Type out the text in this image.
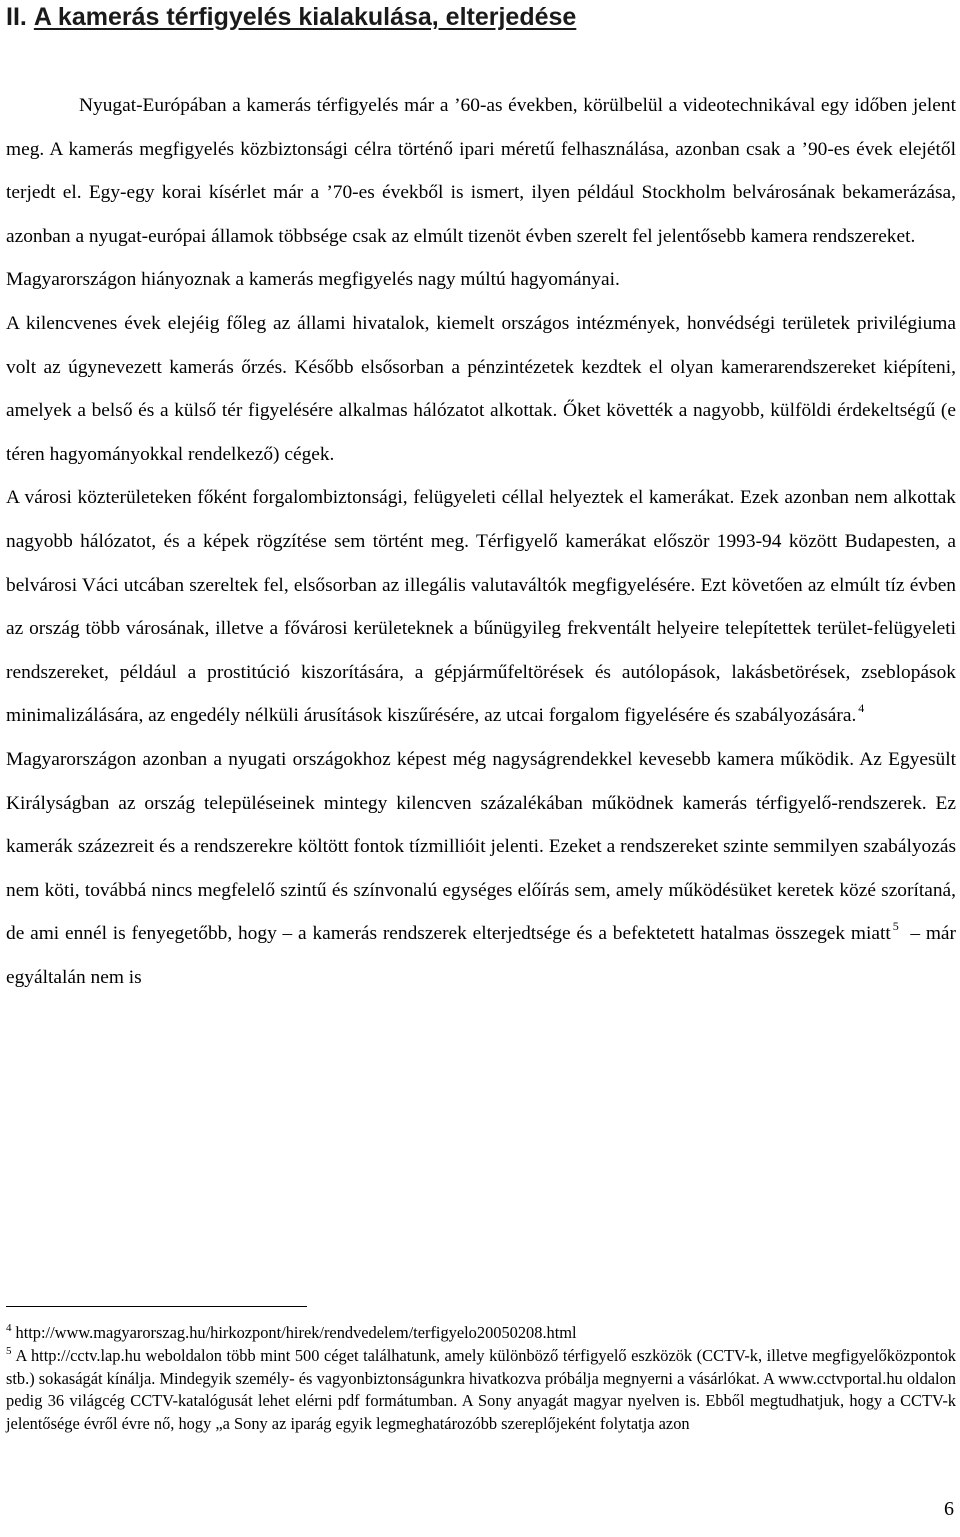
II. A kamerás térfigyelés kialakulása, elterjedése

Nyugat-Európában a kamerás térfigyelés már a ’60-as években, körülbelül a videotechnikával egy időben jelent meg. A kamerás megfigyelés közbiztonsági célra történő ipari méretű felhasználása, azonban csak a ’90-es évek elejétől terjedt el. Egy-egy korai kísérlet már a ’70-es évekből is ismert, ilyen például Stockholm belvárosának bekamerázása, azonban a nyugat-európai államok többsége csak az elmúlt tizenöt évben szerelt fel jelentősebb kamera rendszereket.

Magyarországon hiányoznak a kamerás megfigyelés nagy múltú hagyományai.

A kilencvenes évek elejéig főleg az állami hivatalok, kiemelt országos intézmények, honvédségi területek privilégiuma volt az úgynevezett kamerás őrzés. Később elsősorban a pénzintézetek kezdtek el olyan kamerarendszereket kiépíteni, amelyek a belső és a külső tér figyelésére alkalmas hálózatot alkottak. Őket követték a nagyobb, külföldi érdekeltségű (e téren hagyományokkal rendelkező) cégek.

A városi közterületeken főként forgalombiztonsági, felügyeleti céllal helyeztek el kamerákat. Ezek azonban nem alkottak nagyobb hálózatot, és a képek rögzítése sem történt meg. Térfigyelő kamerákat először 1993-94 között Budapesten, a belvárosi Váci utcában szereltek fel, elsősorban az illegális valutaváltók megfigyelésére. Ezt követően az elmúlt tíz évben az ország több városának, illetve a fővárosi kerületeknek a bűnügyileg frekventált helyeire telepítettek terület-felügyeleti rendszereket, például a prostitúció kiszorítására, a gépjárműfeltörések és autólopások, lakásbetörések, zseblopások minimalizálására, az engedély nélküli árusítások kiszűrésére, az utcai forgalom figyelésére és szabályozására. $^4$

Magyarországon azonban a nyugati országokhoz képest még nagyságrendekkel kevesebb kamera működik. Az Egyesült Királyságban az ország településeinek mintegy kilencven százalékában működnek kamerás térfigyelő-rendszerek. Ez kamerák százezreit és a rendszerekre költött fontok tízmillióit jelenti. Ezeket a rendszereket szinte semmilyen szabályozás nem köti, továbbá nincs megfelelő szintű és színvonalú egységes előírás sem, amely működésüket keretek közé szorítaná, de ami ennél is fenyegetőbb, hogy – a kamerás rendszerek elterjedtsége és a befektetett hatalmas összegek miatt $^5$ – már egyáltalán nem is

$^4$ http://www.magyarorszag.hu/hirkozpont/hirek/rendvedelem/terfigyelo20050208.html

$^5$ A http://cctv.lap.hu weboldalon több mint 500 céget találhatunk, amely különböző térfigyelő eszközök (CCTV-k, illetve megfigyelőközpontok stb.) sokaságát kínálja. Mindegyik személy- és vagyonbiztonságunkra hivatkozva próbálja megnyerni a vásárlókat. A www.cctvportal.hu oldalon pedig 36 világcég CCTV-katalógusát lehet elérni pdf formátumban. A Sony anyagát magyar nyelven is. Ebből megtudhatjuk, hogy a CCTV-k jelentősége évről évre nő, hogy „a Sony az iparág egyik legmeghatározóbb szereplőjeként folytatja azon

6
